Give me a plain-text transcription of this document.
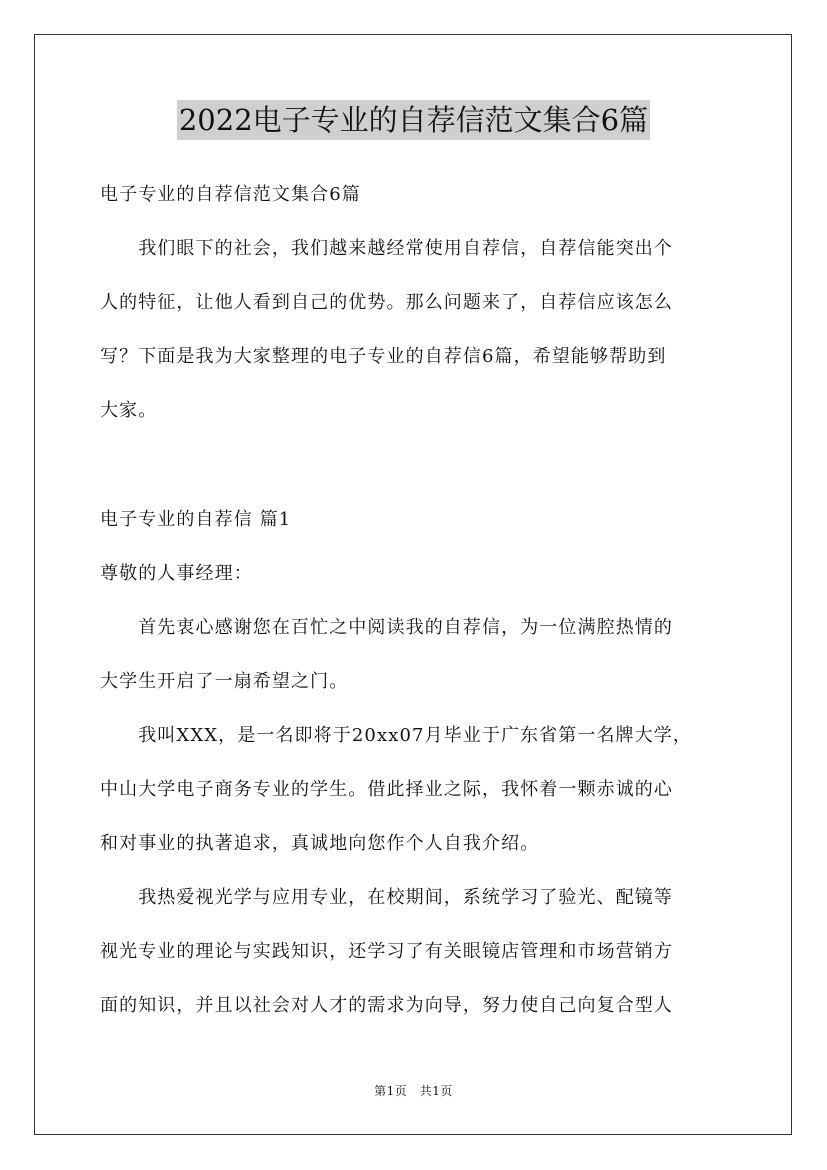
2022电子专业的自荐信范文集合6篇
电子专业的自荐信范文集合6篇
　　我们眼下的社会，我们越来越经常使用自荐信，自荐信能突出个
人的特征，让他人看到自己的优势。那么问题来了，自荐信应该怎么
写？下面是我为大家整理的电子专业的自荐信6篇，希望能够帮助到
大家。
电子专业的自荐信 篇1
尊敬的人事经理：
　　首先衷心感谢您在百忙之中阅读我的自荐信，为一位满腔热情的
大学生开启了一扇希望之门。
　　我叫XXX，是一名即将于20xx07月毕业于广东省第一名牌大学，
中山大学电子商务专业的学生。借此择业之际，我怀着一颗赤诚的心
和对事业的执著追求，真诚地向您作个人自我介绍。
　　我热爱视光学与应用专业，在校期间，系统学习了验光、配镜等
视光专业的理论与实践知识，还学习了有关眼镜店管理和市场营销方
面的知识，并且以社会对人才的需求为向导，努力使自己向复合型人
第1页　共1页
